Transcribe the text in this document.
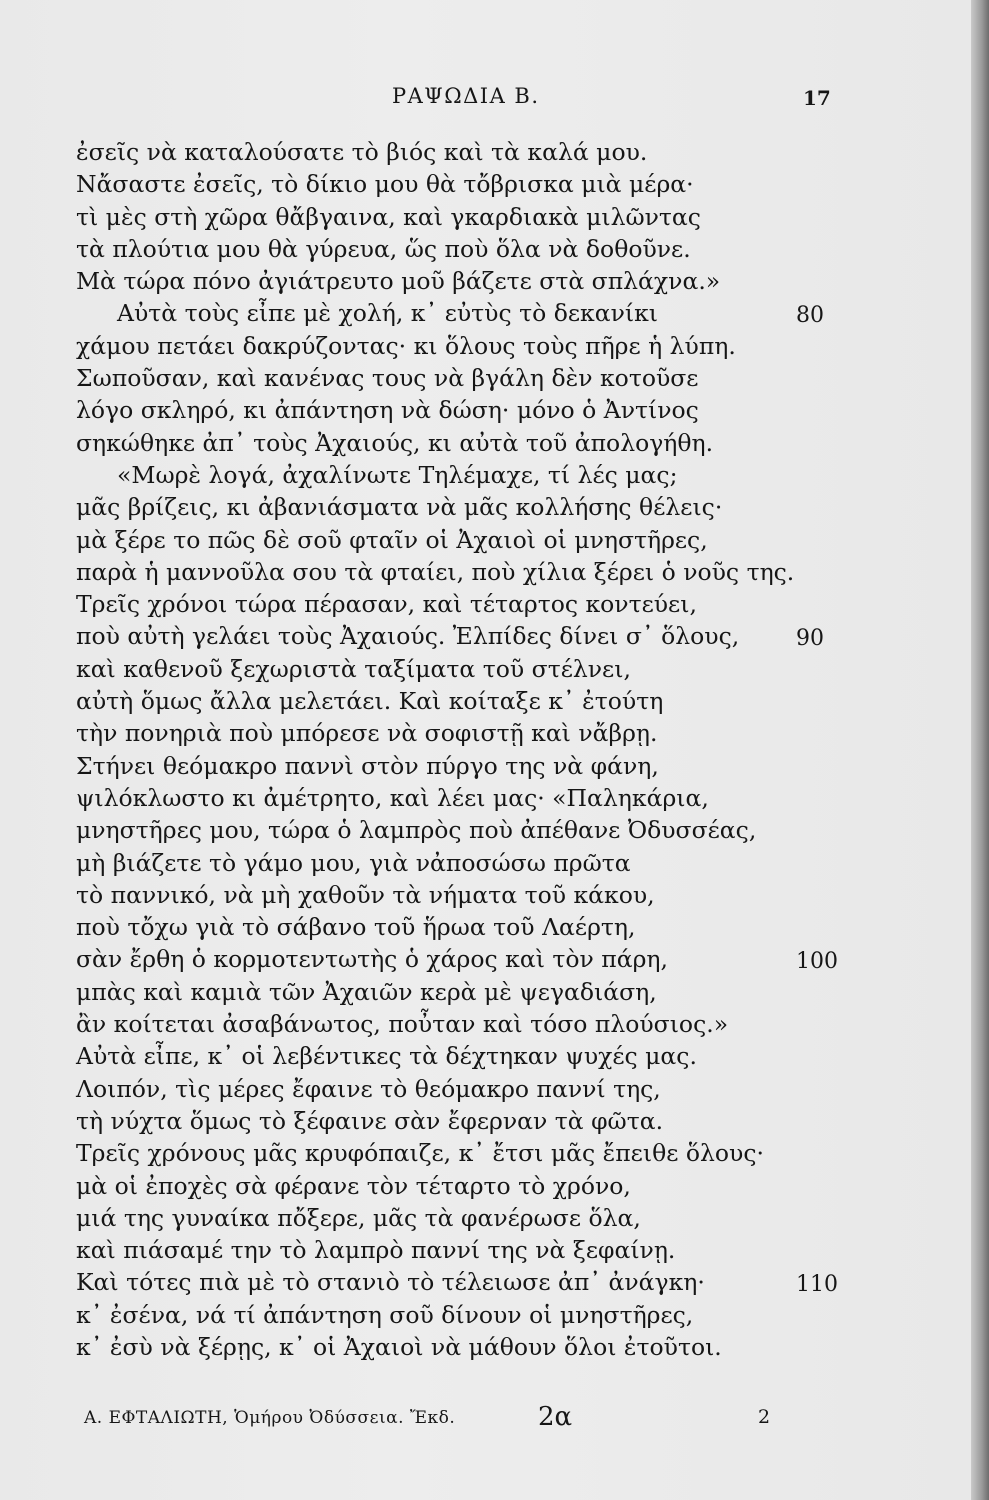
ΡΑΨΩΔΙΑ Β.	17
ἐσεῖς νὰ καταλούσατε τὸ βιός καὶ τὰ καλά μου.
Νἄσαστε ἐσεῖς, τὸ δίκιο μου θὰ τὄβρισκα μιὰ μέρα·
τὶ μὲς στὴ χῶρα θἄβγαινα, καὶ γκαρδιακὰ μιλῶντας
τὰ πλούτια μου θὰ γύρευα, ὥς ποὺ ὅλα νὰ δοθοῦνε.
Μὰ τώρα πόνο ἀγιάτρευτο μοῦ βάζετε στὰ σπλάχνα.»
Αὐτὰ τοὺς εἶπε μὲ χολή, κ᾽ εὐτὺς τὸ δεκανίκι	80
χάμου πετάει δακρύζοντας· κι ὅλους τοὺς πῆρε ἡ λύπη.
Σωποῦσαν, καὶ κανένας τους νὰ βγάλη δὲν κοτοῦσε
λόγο σκληρό, κι ἀπάντηση νὰ δώση· μόνο ὁ Ἀντίνος
σηκώθηκε ἀπ᾽ τοὺς Ἀχαιούς, κι αὐτὰ τοῦ ἀπολογήθη.
«Μωρὲ λογά, ἀχαλίνωτε Τηλέμαχε, τί λές μας;
μᾶς βρίζεις, κι ἀβανιάσματα νὰ μᾶς κολλήσης θέλεις·
μὰ ξέρε το πῶς δὲ σοῦ φταῖν οἱ Ἀχαιοὶ οἱ μνηστῆρες,
παρὰ ἡ μαννοῦλα σου τὰ φταίει, ποὺ χίλια ξέρει ὁ νοῦς της.
Τρεῖς χρόνοι τώρα πέρασαν, καὶ τέταρτος κοντεύει,
ποὺ αὐτὴ γελάει τοὺς Ἀχαιούς. Ἐλπίδες δίνει σ᾽ ὅλους,	90
καὶ καθενοῦ ξεχωριστὰ ταξίματα τοῦ στέλνει,
αὐτὴ ὅμως ἄλλα μελετάει. Καὶ κοίταξε κ᾽ ἐτούτη
τὴν πονηριὰ ποὺ μπόρεσε νὰ σοφιστῇ καὶ νἄβρῃ.
Στήνει θεόμακρο παννὶ στὸν πύργο της νὰ φάνη,
ψιλόκλωστο κι ἀμέτρητο, καὶ λέει μας· «Παληκάρια,
μνηστῆρες μου, τώρα ὁ λαμπρὸς ποὺ ἀπέθανε Ὀδυσσέας,
μὴ βιάζετε τὸ γάμο μου, γιὰ νἀποσώσω πρῶτα
τὸ παννικό, νὰ μὴ χαθοῦν τὰ νήματα τοῦ κάκου,
ποὺ τὄχω γιὰ τὸ σάβανο τοῦ ἥρωα τοῦ Λαέρτη,
σὰν ἔρθη ὁ κορμοτεντωτὴς ὁ χάρος καὶ τὸν πάρη,	100
μπὰς καὶ καμιὰ τῶν Ἀχαιῶν κερὰ μὲ ψεγαδιάση,
ἂν κοίτεται ἀσαβάνωτος, ποὖταν καὶ τόσο πλούσιος.»
Αὐτὰ εἶπε, κ᾽ οἱ λεβέντικες τὰ δέχτηκαν ψυχές μας.
Λοιπόν, τὶς μέρες ἔφαινε τὸ θεόμακρο παννί της,
τὴ νύχτα ὅμως τὸ ξέφαινε σὰν ἔφερναν τὰ φῶτα.
Τρεῖς χρόνους μᾶς κρυφόπαιζε, κ᾽ ἔτσι μᾶς ἔπειθε ὅλους·
μὰ οἱ ἐποχὲς σὰ φέρανε τὸν τέταρτο τὸ χρόνο,
μιά της γυναίκα πὄξερε, μᾶς τὰ φανέρωσε ὅλα,
καὶ πιάσαμέ την τὸ λαμπρὸ παννί της νὰ ξεφαίνῃ.
Καὶ τότες πιὰ μὲ τὸ στανιὸ τὸ τέλειωσε ἀπ᾽ ἀνάγκη·	110
κ᾽ ἐσένα, νά τί ἀπάντηση σοῦ δίνουν οἱ μνηστῆρες,
κ᾽ ἐσὺ νὰ ξέρῃς, κ᾽ οἱ Ἀχαιοὶ νὰ μάθουν ὅλοι ἐτοῦτοι.
Α. ΕΦΤΑΛΙΩΤΗ, Ὁμήρου Ὀδύσσεια. Ἔκδ.	2α	2
